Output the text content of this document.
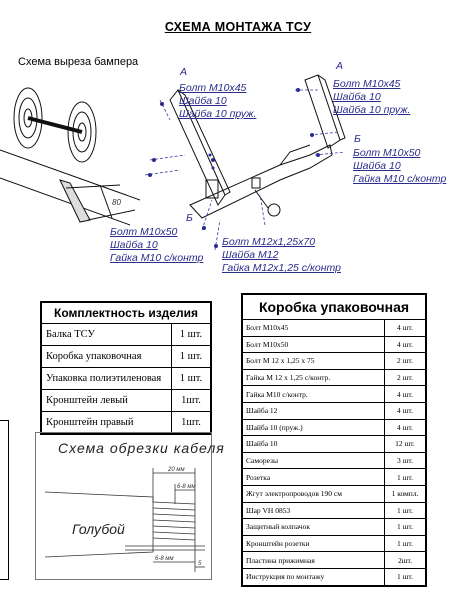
СХЕМА МОНТАЖА ТСУ
Схема выреза бампера
80
A
Болт М10х45
Шайба 10
Шайба 10 пруж.
A
Болт М10х45
Шайба 10
Шайба 10 пруж.
Б
Болт М10х50
Шайба 10
Гайка М10 с/контр
Б
Болт М10х50
Шайба 10
Гайка М10 с/контр
Болт М12х1,25х70
Шайба М12
Гайка М12х1,25 с/контр
Комплектность изделия	
Балка ТСУ	1 шт.
Коробка упаковочная	1 шт.
Упаковка полиэтиленовая	1 шт.
Кронштейн левый	1шт.
Кронштейн правый	1шт.
Коробка упаковочная	
Болт М10х45	4 шт.
Болт М10х50	4 шт.
Болт М 12 х 1,25 х 75	2 шт.
Гайка М 12 х 1,25 с/контр.	2 шт.
Гайка М10 с/контр.	4 шт.
Шайба 12	4 шт.
Шайба 10 (пруж.)	4 шт.
Шайба 10	12 шт.
Саморезы	3 шт.
Розетка	1 шт.
Жгут электропроводов 190 см	1 компл.
Шар VH 0853	1 шт.
Защитный колпачок	1 шт.
Кронштейн розетки	1 шт.
Пластина прижимная	2шт.
Инструкция по монтажу	1 шт.
Схема обрезки кабеля
20 мм
6-8 мм
6-8 мм
5
Голубой
